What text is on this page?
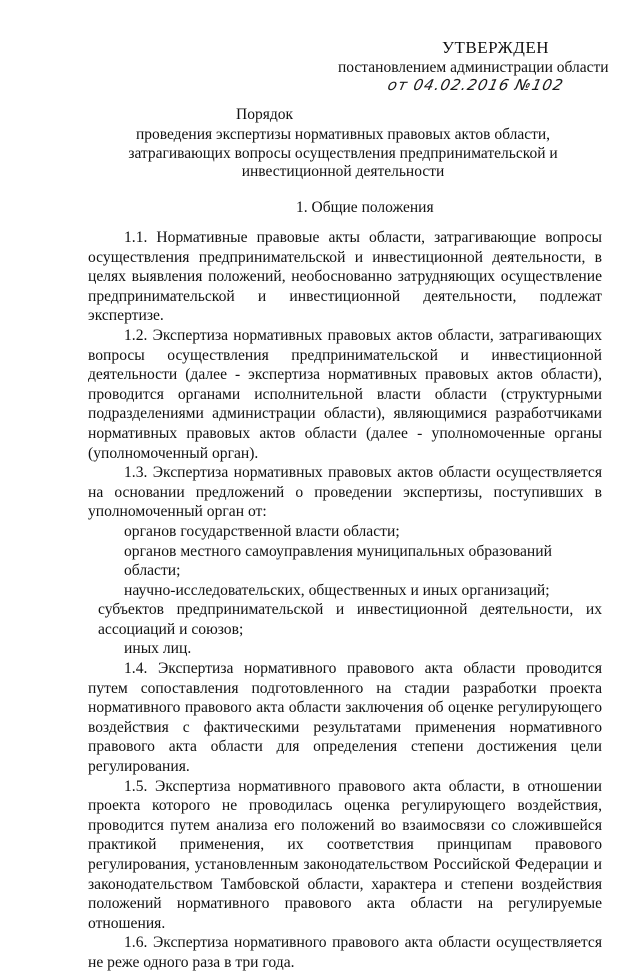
УТВЕРЖДЕН
постановлением администрации области
от 04.02.2016 №102
Порядок
проведения экспертизы нормативных правовых актов области, затрагивающих вопросы осуществления предпринимательской и инвестиционной деятельности
1. Общие положения

1.1. Нормативные правовые акты области, затрагивающие вопросы осуществления предпринимательской и инвестиционной деятельности, в целях выявления положений, необоснованно затрудняющих осуществление предпринимательской и инвестиционной деятельности, подлежат экспертизе.

1.2. Экспертиза нормативных правовых актов области, затрагивающих вопросы осуществления предпринимательской и инвестиционной деятельности (далее - экспертиза нормативных правовых актов области), проводится органами исполнительной власти области (структурными подразделениями администрации области), являющимися разработчиками нормативных правовых актов области (далее - уполномоченные органы (уполномоченный орган).

1.3. Экспертиза нормативных правовых актов области осуществляется на основании предложений о проведении экспертизы, поступивших в уполномоченный орган от:

органов государственной власти области;

органов местного самоуправления муниципальных образований области;

научно-исследовательских, общественных и иных организаций;

субъектов предпринимательской и инвестиционной деятельности, их ассоциаций и союзов;

иных лиц.

1.4. Экспертиза нормативного правового акта области проводится путем сопоставления подготовленного на стадии разработки проекта нормативного правового акта области заключения об оценке регулирующего воздействия с фактическими результатами применения нормативного правового акта области для определения степени достижения цели регулирования.

1.5. Экспертиза нормативного правового акта области, в отношении проекта которого не проводилась оценка регулирующего воздействия, проводится путем анализа его положений во взаимосвязи со сложившейся практикой применения, их соответствия принципам правового регулирования, установленным законодательством Российской Федерации и законодательством Тамбовской области, характера и степени воздействия положений нормативного правового акта области на регулируемые отношения.

1.6. Экспертиза нормативного правового акта области осуществляется не реже одного раза в три года.
